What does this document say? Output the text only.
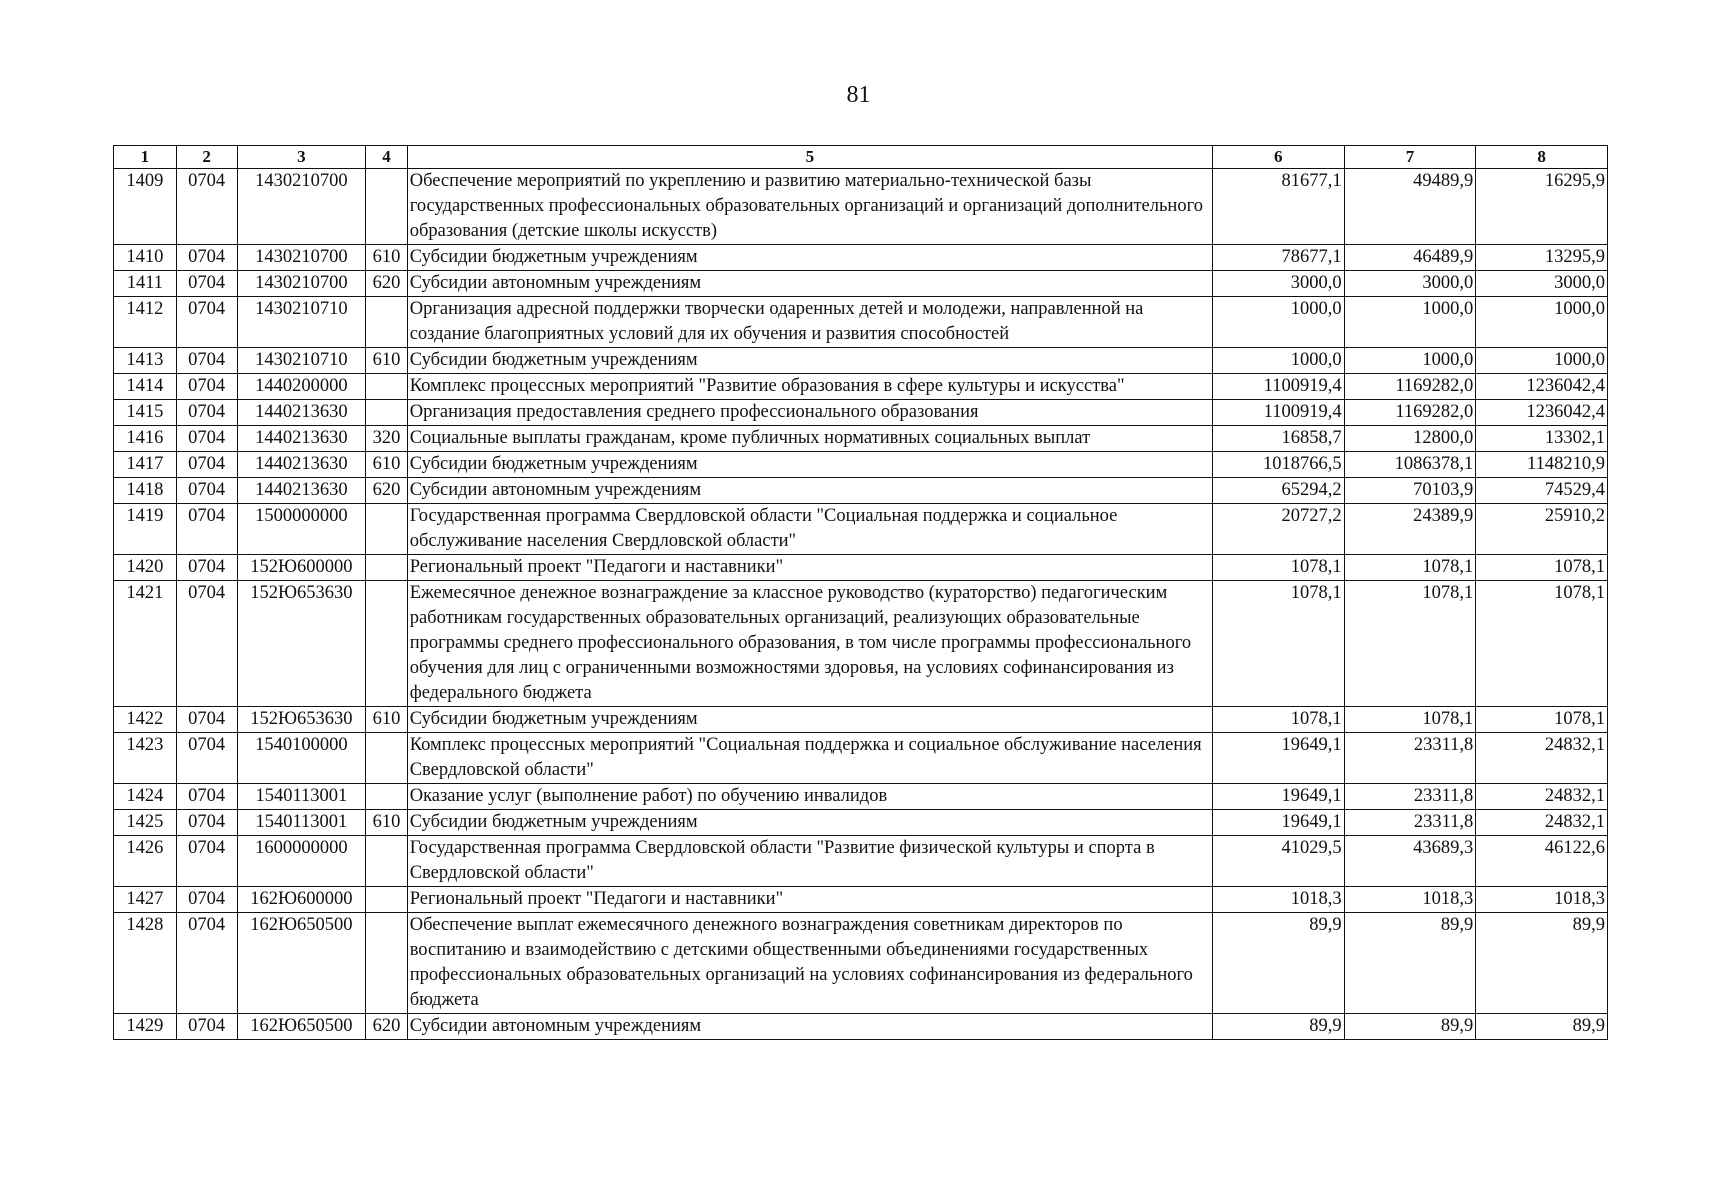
81
1	2	3	4	5	6	7	8
1409	0704	1430210700		Обеспечение мероприятий по укреплению и развитию материально-технической базы государственных профессиональных образовательных организаций и организаций дополнительного образования (детские школы искусств)	81677,1	49489,9	16295,9
1410	0704	1430210700	610	Субсидии бюджетным учреждениям	78677,1	46489,9	13295,9
1411	0704	1430210700	620	Субсидии автономным учреждениям	3000,0	3000,0	3000,0
1412	0704	1430210710		Организация адресной поддержки творчески одаренных детей и молодежи, направленной на создание благоприятных условий для их обучения и развития способностей	1000,0	1000,0	1000,0
1413	0704	1430210710	610	Субсидии бюджетным учреждениям	1000,0	1000,0	1000,0
1414	0704	1440200000		Комплекс процессных мероприятий "Развитие образования в сфере культуры и искусства"	1100919,4	1169282,0	1236042,4
1415	0704	1440213630		Организация предоставления среднего профессионального образования	1100919,4	1169282,0	1236042,4
1416	0704	1440213630	320	Социальные выплаты гражданам, кроме публичных нормативных социальных выплат	16858,7	12800,0	13302,1
1417	0704	1440213630	610	Субсидии бюджетным учреждениям	1018766,5	1086378,1	1148210,9
1418	0704	1440213630	620	Субсидии автономным учреждениям	65294,2	70103,9	74529,4
1419	0704	1500000000		Государственная программа Свердловской области "Социальная поддержка и социальное обслуживание населения Свердловской области"	20727,2	24389,9	25910,2
1420	0704	152Ю600000		Региональный проект "Педагоги и наставники"	1078,1	1078,1	1078,1
1421	0704	152Ю653630		Ежемесячное денежное вознаграждение за классное руководство (кураторство) педагогическим работникам государственных образовательных организаций, реализующих образовательные программы среднего профессионального образования, в том числе программы профессионального обучения для лиц с ограниченными возможностями здоровья, на условиях софинансирования из федерального бюджета	1078,1	1078,1	1078,1
1422	0704	152Ю653630	610	Субсидии бюджетным учреждениям	1078,1	1078,1	1078,1
1423	0704	1540100000		Комплекс процессных мероприятий "Социальная поддержка и социальное обслуживание населения Свердловской области"	19649,1	23311,8	24832,1
1424	0704	1540113001		Оказание услуг (выполнение работ) по обучению инвалидов	19649,1	23311,8	24832,1
1425	0704	1540113001	610	Субсидии бюджетным учреждениям	19649,1	23311,8	24832,1
1426	0704	1600000000		Государственная программа Свердловской области "Развитие физической культуры и спорта в Свердловской области"	41029,5	43689,3	46122,6
1427	0704	162Ю600000		Региональный проект "Педагоги и наставники"	1018,3	1018,3	1018,3
1428	0704	162Ю650500		Обеспечение выплат ежемесячного денежного вознаграждения советникам директоров по воспитанию и взаимодействию с детскими общественными объединениями государственных профессиональных образовательных организаций на условиях софинансирования из федерального бюджета	89,9	89,9	89,9
1429	0704	162Ю650500	620	Субсидии автономным учреждениям	89,9	89,9	89,9
